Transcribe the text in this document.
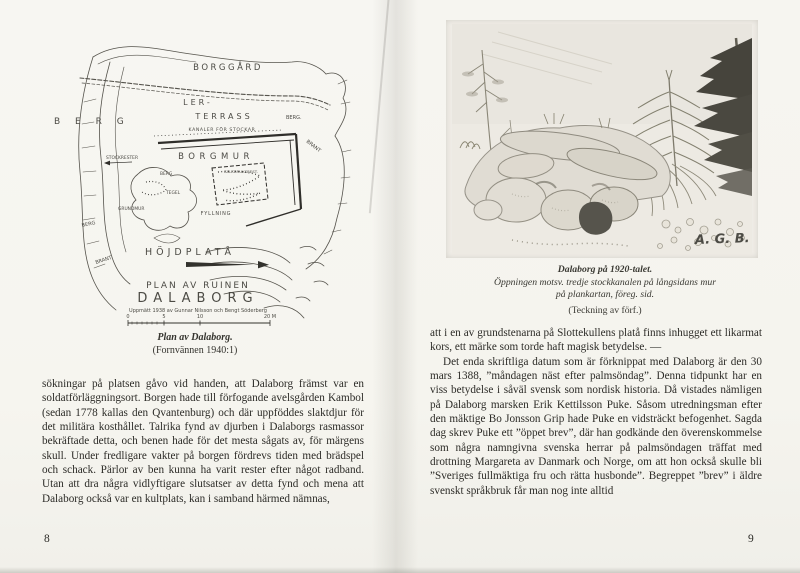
BORGGÅRD
LER-
TERRASS
B E R G	BERG.
BRANT
KANALER FÖR STOCKAR
BORGMUR
STOCKRESTER
BERG
TEGEL
GRUNDMUR
KALKBRUKSREST.
FYLLNING
BERG
BRANT
HÖJDPLATÅ
PLAN AV RUINEN
DALABORG
Uppmätt 1938 av Gunnar Nilsson och Bengt Söderberg
0	5	10	20 M
Plan av Dalaborg.
(Fornvännen 1940:1)

sökningar på platsen gåvo vid handen, att Dalaborg främst var en soldatförläggningsort. Borgen hade till förfogande avelsgården Kambol (sedan 1778 kallas den Qvantenburg) och där uppföddes slaktdjur för det militära kosthållet. Talrika fynd av djurben i Dalaborgs rasmassor bekräftade detta, och benen hade för det mesta sågats av, för märgens skull. Under fredligare vakter på borgen fördrevs tiden med brädspel och schack. Pärlor av ben kunna ha varit rester efter något radband. Utan att dra några vidlyftigare slutsatser av detta fynd och mena att Dalaborg också var en kultplats, kan i samband härmed nämnas,

8
A. G. B.
Dalaborg på 1920-talet.
Öppningen motsv. tredje stockkanalen på långsidans mur
på plankartan, föreg. sid.
(Teckning av förf.)

att i en av grundstenarna på Slottekullens platå finns inhugget ett likarmat kors, ett märke som torde haft magisk betydelse. —

Det enda skriftliga datum som är förknippat med Dalaborg är den 30 mars 1388, ”måndagen näst efter palmsöndag”. Denna tidpunkt har en viss betydelse i såväl svensk som nordisk historia. Då vistades nämligen på Dalaborg marsken Erik Kettilsson Puke. Såsom utredningsman efter den mäktige Bo Jonsson Grip hade Puke en vidsträckt befogenhet. Sagda dag skrev Puke ett ”öppet brev”, där han godkände den överenskommelse som några namngivna svenska herrar på palmsöndagen träffat med drottning Margareta av Danmark och Norge, om att hon också skulle bli ”Sveriges fullmäktiga fru och rätta husbonde”. Begreppet ”brev” i äldre svenskt språkbruk får man nog inte alltid

9
